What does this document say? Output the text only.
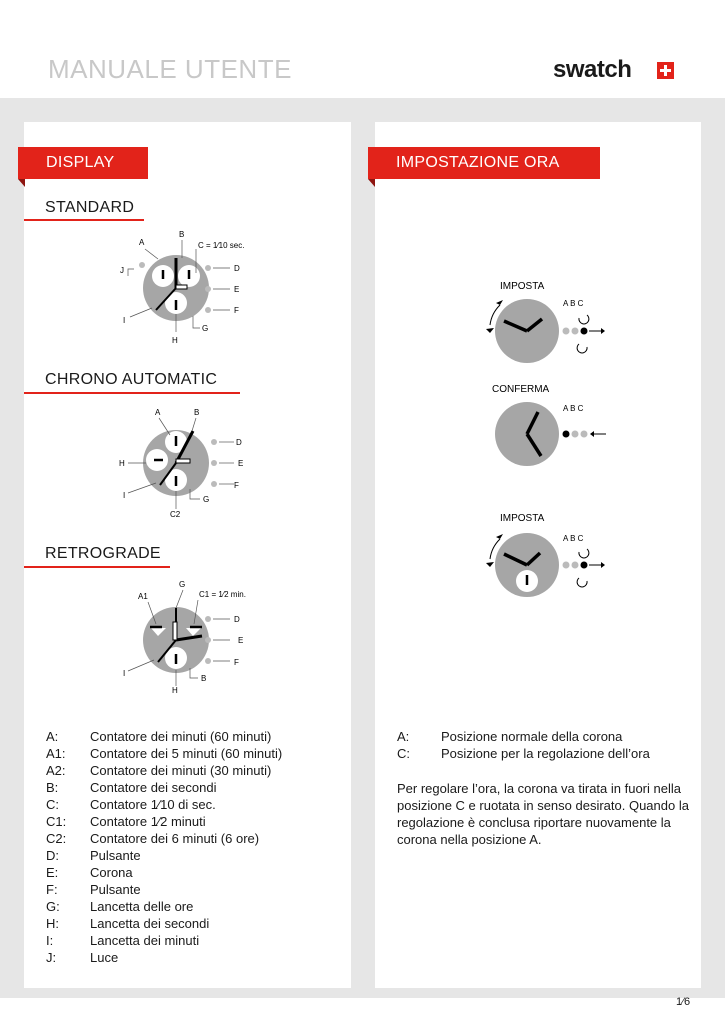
MANUALE UTENTE	swatch
DISPLAY
STANDARD
A
B
C = 1⁄10 sec.
D
E
F
G
H
I
J
CHRONO AUTOMATIC
A	B
D
E
F
G
H
I
C2
RETROGRADE
G
A1	C1 = 1⁄2 min.
D
E
F
B
H
I
A:	Contatore dei minuti (60 minuti)
A1:	Contatore dei 5 minuti (60 minuti)
A2:	Contatore dei minuti (30 minuti)
B:	Contatore dei secondi
C:	Contatore 1⁄10 di sec.
C1:	Contatore 1⁄2 minuti
C2:	Contatore dei 6 minuti (6 ore)
D:	Pulsante
E:	Corona
F:	Pulsante
G:	Lancetta delle ore
H:	Lancetta dei secondi
I:	Lancetta dei minuti
J:	Luce
IMPOSTAZIONE ORA
IMPOSTA
A B C
CONFERMA
A B C
IMPOSTA
A B C
A:	Posizione normale della corona
C:	Posizione per la regolazione dell’ora
Per regolare l’ora, la corona va tirata in fuori nella posizione C e ruotata in senso desirato. Quando la regolazione è conclusa riportare nuovamente la corona nella posizione A.
1⁄6
